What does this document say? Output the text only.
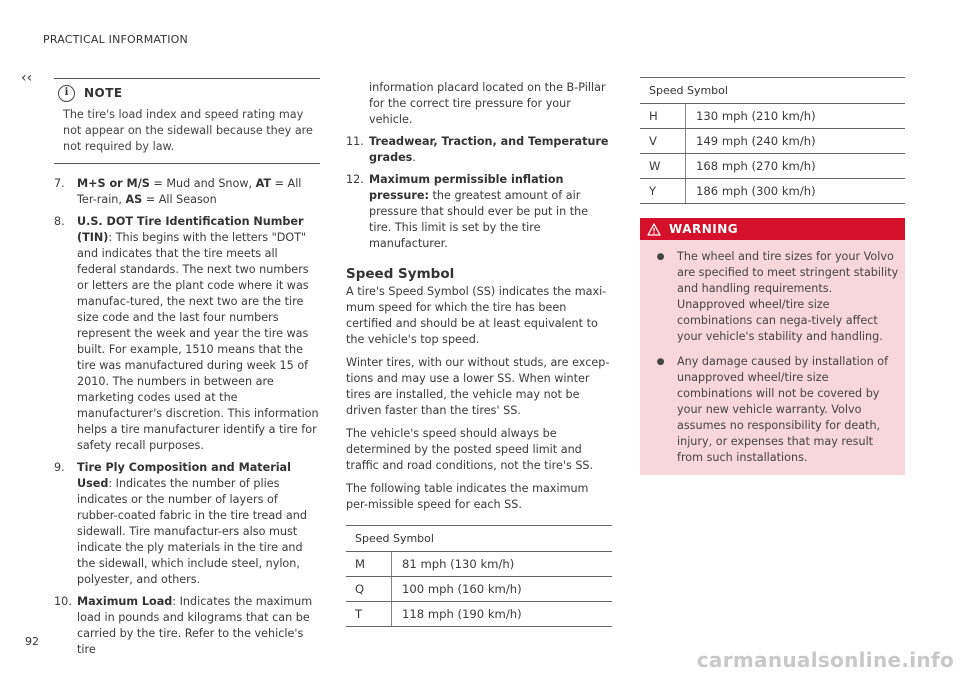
PRACTICAL INFORMATION
‹‹
i	NOTE
The tire's load index and speed rating may not appear on the sidewall because they are not required by law.
7.	M+S or M/S = Mud and Snow, AT = All Ter-rain, AS = All Season
8.	U.S. DOT Tire Identification Number (TIN): This begins with the letters "DOT" and indicates that the tire meets all federal standards. The next two numbers or letters are the plant code where it was manufac-tured, the next two are the tire size code and the last four numbers represent the week and year the tire was built. For example, 1510 means that the tire was manufactured during week 15 of 2010. The numbers in between are marketing codes used at the manufacturer's discretion. This information helps a tire manufacturer identify a tire for safety recall purposes.
9.	Tire Ply Composition and Material Used: Indicates the number of plies indicates or the number of layers of rubber-coated fabric in the tire tread and sidewall. Tire manufactur-ers also must indicate the ply materials in the tire and the sidewall, which include steel, nylon, polyester, and others.
10. Maximum Load: Indicates the maximum load in pounds and kilograms that can be carried by the tire. Refer to the vehicle's tire
information placard located on the B-Pillar for the correct tire pressure for your vehicle.
11. Treadwear, Traction, and Temperature grades.
12. Maximum permissible inflation pressure: the greatest amount of air pressure that should ever be put in the tire. This limit is set by the tire manufacturer.
Speed Symbol

A tire's Speed Symbol (SS) indicates the maxi-mum speed for which the tire has been certified and should be at least equivalent to the vehicle's top speed.

Winter tires, with our without studs, are excep-tions and may use a lower SS. When winter tires are installed, the vehicle may not be driven faster than the tires' SS.

The vehicle's speed should always be determined by the posted speed limit and traffic and road conditions, not the tire's SS.

The following table indicates the maximum per-missible speed for each SS.

Speed Symbol	
M	81 mph (130 km/h)
Q	100 mph (160 km/h)
T	118 mph (190 km/h)
Speed Symbol	
H	130 mph (210 km/h)
V	149 mph (240 km/h)
W	168 mph (270 km/h)
Y	186 mph (300 km/h)
WARNING
●	The wheel and tire sizes for your Volvo are specified to meet stringent stability and handling requirements. Unapproved wheel/tire size combinations can nega-tively affect your vehicle's stability and handling.
●	Any damage caused by installation of unapproved wheel/tire size combinations will not be covered by your new vehicle warranty. Volvo assumes no responsibility for death, injury, or expenses that may result from such installations.
92
carmanualsonline.info
